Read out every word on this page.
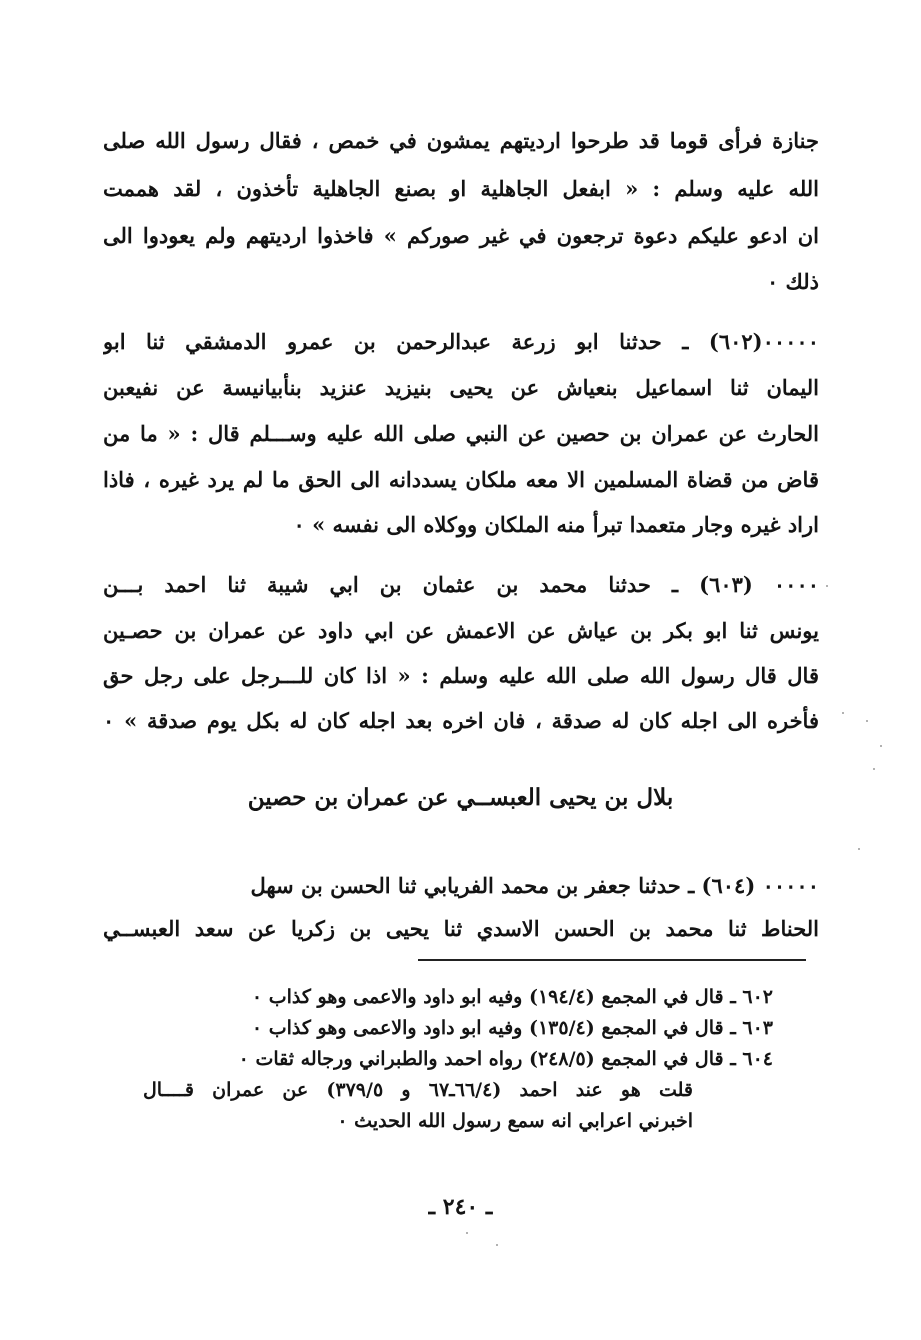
جنازة فرأى قوما قد طرحوا ارديتهم يمشون في خمص ، فقال رسول الله صلى
الله عليه وسلم : « ابفعل الجاهلية او بصنع الجاهلية تأخذون ، لقد هممت
ان ادعو عليكم دعوة ترجعون في غير صوركم » فاخذوا ارديتهم ولم يعودوا الى
ذلك ٠
٠٠٠٠٠(٦٠٢) ـ حدثنا ابو زرعة عبدالرحمن بن عمرو الدمشقي ثنا ابو
اليمان ثنا اسماعيل بنعياش عن يحيى بنيزيد عنزيد بنأبيانيسة عن نفيعبن
الحارث عن عمران بن حصين عن النبي صلى الله عليه وســـلم قال : « ما من
قاض من قضاة المسلمين الا معه ملكان يسددانه الى الحق ما لم يرد غيره ، فاذا
اراد غيره وجار متعمدا تبرأ منه الملكان ووكلاه الى نفسه » ٠
٠٠٠٠ (٦٠٣) ـ حدثنا محمد بن عثمان بن ابي شيبة ثنا احمد بـــن
يونس ثنا ابو بكر بن عياش عن الاعمش عن ابي داود عن عمران بن حصـين
قال قال رسول الله صلى الله عليه وسلم : « اذا كان للـــرجل على رجل حق
فأخره الى اجله كان له صدقة ، فان اخره بعد اجله كان له بكل يوم صدقة » ٠
بلال بن يحيى العبســي عن عمران بن حصين
٠٠٠٠٠ (٦٠٤) ـ حدثنا جعفر بن محمد الفريابي ثنا الحسن بن سهل
الحناط ثنا محمد بن الحسن الاسدي ثنا يحيى بن زكريا عن سعد العبســي
٦٠٢ ـ قال في المجمع (١٩٤/٤) وفيه ابو داود والاعمى وهو كذاب ٠
٦٠٣ ـ قال في المجمع (١٣٥/٤) وفيه ابو داود والاعمى وهو كذاب ٠
٦٠٤ ـ قال في المجمع (٢٤٨/٥) رواه احمد والطبراني ورجاله ثقات ٠
قلت هو عند احمد (٦٦/٤ـ٦٧ و ٣٧٩/٥) عن عمران قــــال
اخبرني اعرابي انه سمع رسول الله الحديث ٠
ـ ٢٤٠ ـ
